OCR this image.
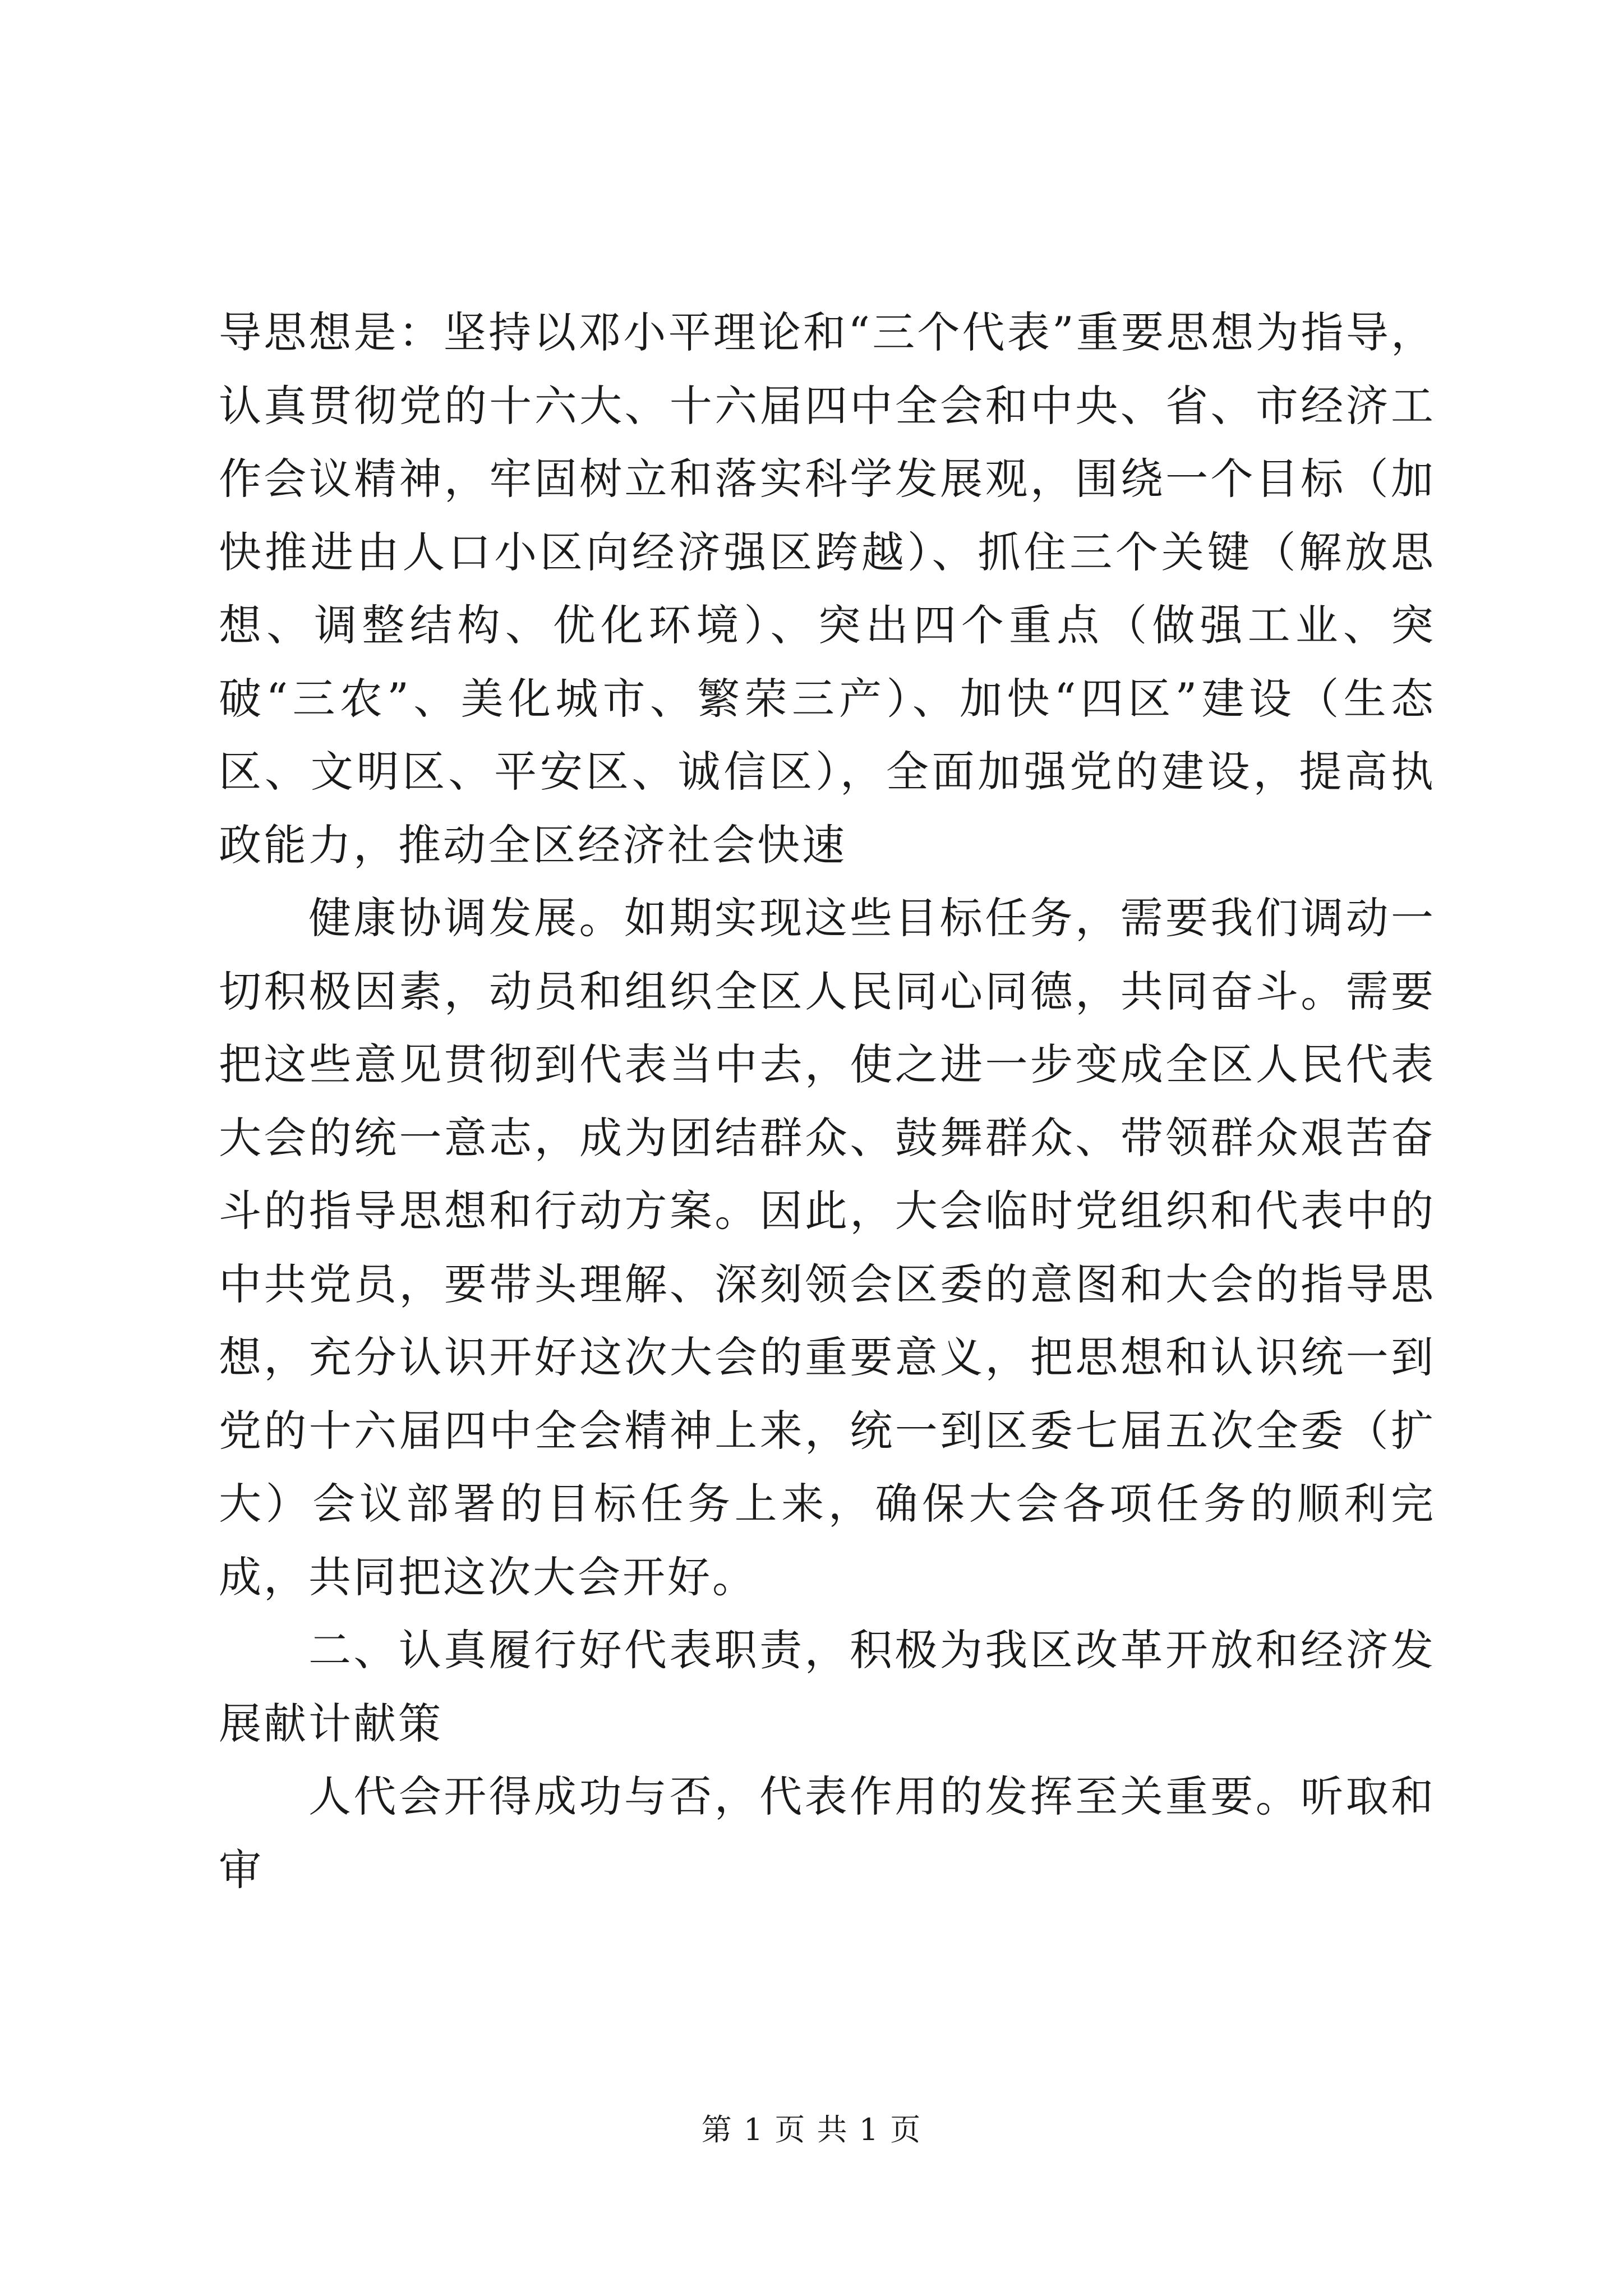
导思想是：坚持以邓小平理论和“三个代表”重要思想为指导，认真贯彻党的十六大、十六届四中全会和中央、省、市经济工作会议精神，牢固树立和落实科学发展观，围绕一个目标（加快推进由人口小区向经济强区跨越）、抓住三个关键（解放思想、调整结构、优化环境）、突出四个重点（做强工业、突破“三农”、美化城市、繁荣三产）、加快“四区”建设（生态区、文明区、平安区、诚信区），全面加强党的建设，提高执政能力，推动全区经济社会快速

健康协调发展。如期实现这些目标任务，需要我们调动一切积极因素，动员和组织全区人民同心同德，共同奋斗。需要把这些意见贯彻到代表当中去，使之进一步变成全区人民代表大会的统一意志，成为团结群众、鼓舞群众、带领群众艰苦奋斗的指导思想和行动方案。因此，大会临时党组织和代表中的中共党员，要带头理解、深刻领会区委的意图和大会的指导思想，充分认识开好这次大会的重要意义，把思想和认识统一到党的十六届四中全会精神上来，统一到区委七届五次全委（扩大）会议部署的目标任务上来，确保大会各项任务的顺利完成，共同把这次大会开好。

二、认真履行好代表职责，积极为我区改革开放和经济发展献计献策

人代会开得成功与否，代表作用的发挥至关重要。听取和审

第 1 页 共 1 页
